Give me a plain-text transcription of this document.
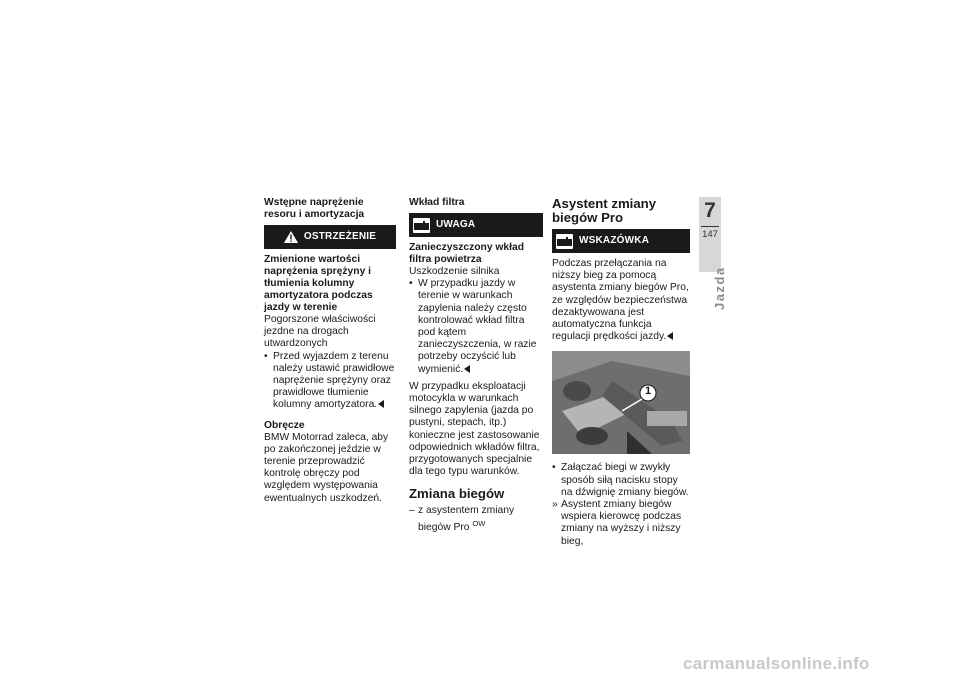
Wstępne naprężenie resoru i amortyzacja

OSTRZEŻENIE

Zmienione wartości naprężenia sprężyny i tłumienia kolumny amortyzatora podczas jazdy w terenie

Pogorszone właściwości jezdne na drogach utwardzonych

• Przed wyjazdem z terenu należy ustawić prawidłowe naprężenie sprężyny oraz prawidłowe tłumienie kolumny amortyzatora.

Obręcze

BMW Motorrad zaleca, aby po zakończonej jeździe w terenie przeprowadzić kontrolę obręczy pod względem występowania ewentualnych uszkodzeń.

Wkład filtra

UWAGA

Zanieczyszczony wkład filtra powietrza

Uszkodzenie silnika

• W przypadku jazdy w terenie w warunkach zapylenia należy często kontrolować wkład filtra pod kątem zanieczyszczenia, w razie potrzeby oczyścić lub wymienić.

W przypadku eksploatacji motocykla w warunkach silnego zapylenia (jazda po pustyni, stepach, itp.) konieczne jest zastosowanie odpowiednich wkładów filtra, przygotowanych specjalnie dla tego typu warunków.

Zmiana biegów

– z asystentem zmiany biegów Pro $^{OW}$

Asystent zmiany biegów Pro

WSKAZÓWKA

Podczas przełączania na niższy bieg za pomocą asystenta zmiany biegów Pro, ze względów bezpieczeństwa dezaktywowana jest automatyczna funkcja regulacji prędkości jazdy.

1
• Załączać biegi w zwykły sposób siłą nacisku stopy na dźwignię zmiany biegów.
» Asystent zmiany biegów wspiera kierowcę podczas zmiany na wyższy i niższy bieg,
7
147
Jazda
carmanualsonline.info
